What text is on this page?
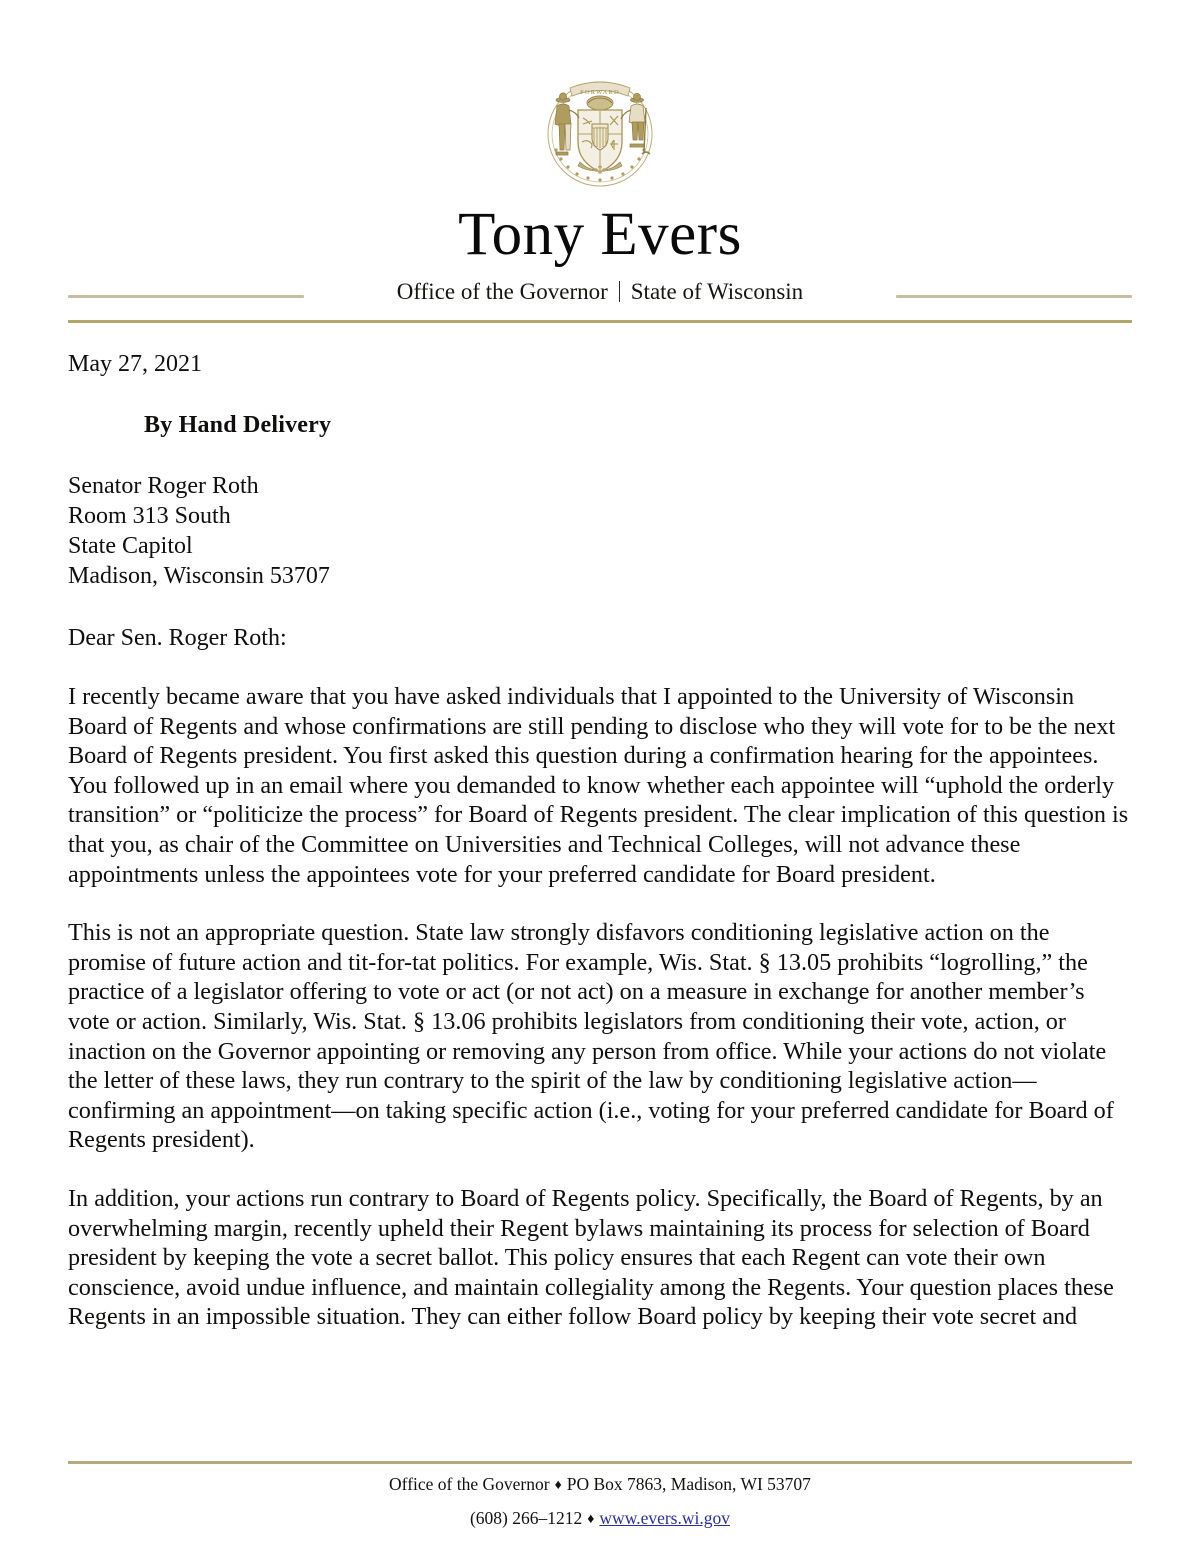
FORWARD
Tony Evers
Office of the Governor State of Wisconsin
May 27, 2021
By Hand Delivery
Senator Roger Roth
Room 313 South
State Capitol
Madison, Wisconsin 53707
Dear Sen. Roger Roth:

I recently became aware that you have asked individuals that I appointed to the University of Wisconsin Board of Regents and whose confirmations are still pending to disclose who they will vote for to be the next Board of Regents president. You first asked this question during a confirmation hearing for the appointees. You followed up in an email where you demanded to know whether each appointee will “uphold the orderly transition” or “politicize the process” for Board of Regents president. The clear implication of this question is that you, as chair of the Committee on Universities and Technical Colleges, will not advance these appointments unless the appointees vote for your preferred candidate for Board president.

This is not an appropriate question. State law strongly disfavors conditioning legislative action on the promise of future action and tit-for-tat politics. For example, Wis. Stat. § 13.05 prohibits “logrolling,” the practice of a legislator offering to vote or act (or not act) on a measure in exchange for another member’s vote or action. Similarly, Wis. Stat. § 13.06 prohibits legislators from conditioning their vote, action, or inaction on the Governor appointing or removing any person from office. While your actions do not violate the letter of these laws, they run contrary to the spirit of the law by conditioning legislative action—confirming an appointment—on taking specific action (i.e., voting for your preferred candidate for Board of Regents president).

In addition, your actions run contrary to Board of Regents policy. Specifically, the Board of Regents, by an overwhelming margin, recently upheld their Regent bylaws maintaining its process for selection of Board president by keeping the vote a secret ballot. This policy ensures that each Regent can vote their own conscience, avoid undue influence, and maintain collegiality among the Regents. Your question places these Regents in an impossible situation. They can either follow Board policy by keeping their vote secret and

Office of the Governor ♦ PO Box 7863, Madison, WI 53707
(608) 266–1212 ♦ www.evers.wi.gov
